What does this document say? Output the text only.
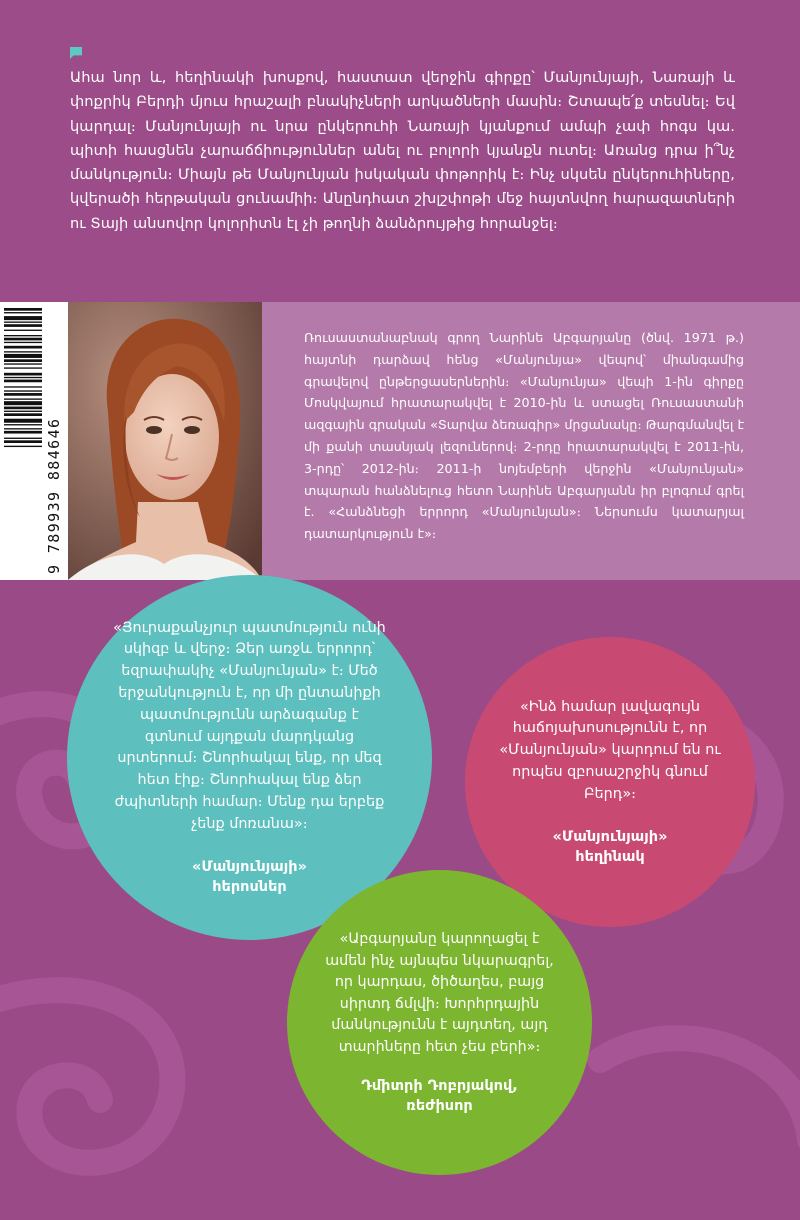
Ահա նոր և, հեղինակի խոսքով, հաստատ վերջին գիրքը՝ Մանյունյայի, Նառայի և փոքրիկ Բերդի մյուս հրաշալի բնակիչների արկածների մասին։ Շտապե՛ք տեսնել։ Եվ կարդալ։ Մանյունյայի ու նրա ընկերուհի Նառայի կյանքում ամպի չափ հոգս կա. պիտի հասցնեն չարաճճիություններ անել ու բոլորի կյանքն ուտել։ Առանց դրա ի՞նչ մանկություն։ Միայն թե Մանյունյան իսկական փոթորիկ է։ Ինչ սկսեն ընկերուհիները, կվերածի հերթական ցունամիի։ Անընդհատ շխլշփոթի մեջ հայտնվող հարազատների ու Տայի անսովոր կոլորիտն էլ չի թողնի ձանձրույթից հորանջել։

9 789939 884646

Ռուսաստանաբնակ գրող Նարինե Աբգարյանը (ծնվ. 1971 թ.) հայտնի դարձավ հենց «Մանյունյա» վեպով՝ միանգամից գրավելով ընթերցասերներին։ «Մանյունյա» վեպի 1-ին գիրքը Մոսկվայում հրատարակվել է 2010-ին և ստացել Ռուսաստանի ազգային գրական «Տարվա ձեռագիր» մրցանակը։ Թարգմանվել է մի քանի տասնյակ լեզուներով։ 2-րդը հրատարակվել է 2011-ին, 3-րդը՝ 2012-ին։ 2011-ի նոյեմբերի վերջին «Մանյունյան» տպարան հանձնելուց հետո Նարինե Աբգարյանն իր բլոգում գրել է. «Հանձնեցի երրորդ «Մանյունյան»։ Ներսումս կատարյալ դատարկություն է»։

«Յուրաքանչյուր պատմություն ունի սկիզբ և վերջ։ Ձեր առջև երրորդ՝ եզրափակիչ «Մանյունյան» է։ Մեծ երջանկություն է, որ մի ընտանիքի պատմությունն արձագանք է գտնում այդքան մարդկանց սրտերում։ Շնորհակալ ենք, որ մեզ հետ էիք։ Շնորհակալ ենք ձեր ժպիտների համար։ Մենք դա երբեք չենք մոռանա»։

«Մանյունյայի»
հերոսներ

«Ինձ համար լավագույն հաճոյախոսությունն է, որ «Մանյունյան» կարդում են ու որպես զբոսաշրջիկ գնում Բերդ»։

«Մանյունյայի»
հեղինակ

«Աբգարյանը կարողացել է ամեն ինչ այնպես նկարագրել, որ կարդաս, ծիծաղես, բայց սիրտդ ճմլվի։ Խորհրդային մանկությունն է այդտեղ, այդ տարիները հետ չես բերի»։

Դմիտրի Դոբրյակով,
ռեժիսոր
